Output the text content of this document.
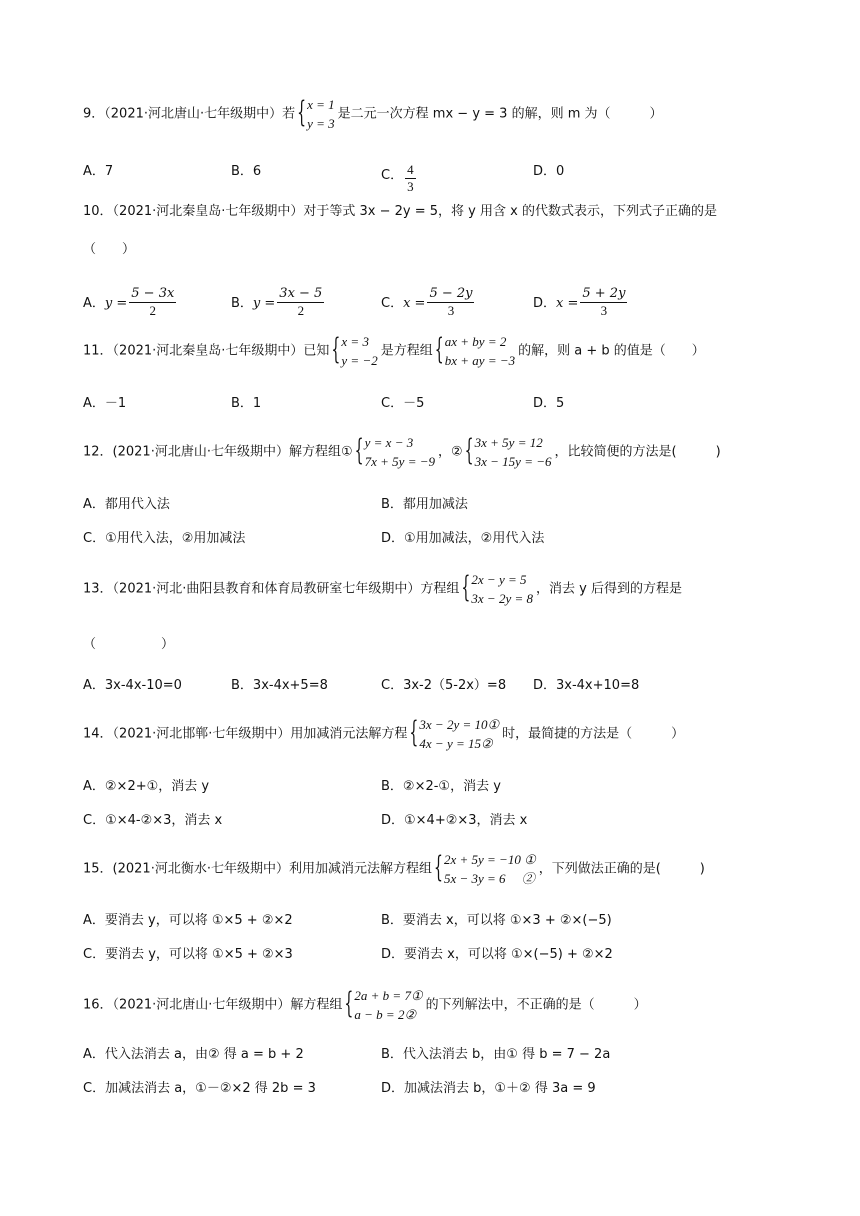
9．（2021·河北唐山·七年级期中）若
{ x = 1
y = 3
是二元一次方程 mx − y = 3 的解，则 m 为（　　　）
A．7	B．6	C． $\frac{4}{3}$	D．0
10．（2021·河北秦皇岛·七年级期中）对于等式 3x − 2y = 5，将 y 用含 x 的代数式表示，下列式子正确的是
（　　）
A．$y = \frac{5 - 3x}{2}$	B．$y = \frac{3x - 5}{2}$	C．$x = \frac{5 - 2y}{3}$	D．$x = \frac{5 + 2y}{3}$
11．（2021·河北秦皇岛·七年级期中）已知
{ x = 3
y = −2
是方程组
{ ax + by = 2
bx + ay = −3
的解，则 a + b 的值是（　　）
A．－1	B．1	C．－5	D．5
12．(2021·河北唐山·七年级期中）解方程组①
{ y = x − 3
7x + 5y = −9
，②
{ 3x + 5y = 12
3x − 15y = −6
，比较简便的方法是(　　　)
A．都用代入法	B．都用加减法
C．①用代入法，②用加减法	D．①用加减法，②用代入法
13．（2021·河北·曲阳县教育和体育局教研室七年级期中）方程组
{ 2x − y = 5
3x − 2y = 8
，消去 y 后得到的方程是
（　　　　　）
A．3x-4x-10=0	B．3x-4x+5=8	C．3x-2（5-2x）=8 D．3x-4x+10=8
14．（2021·河北邯郸·七年级期中）用加减消元法解方程
{ 3x − 2y = 10①
4x − y = 15②
时，最简捷的方法是（　　　）
A．②×2+①，消去 y	B．②×2-①，消去 y
C．①×4-②×3，消去 x	D．①×4+②×3，消去 x
15．(2021·河北衡水·七年级期中）利用加减消元法解方程组
{ 2x + 5y = −10 ①
5x − 3y = 6　 ②
，下列做法正确的是(　　　)
A．要消去 y，可以将 ①×5 + ②×2	B．要消去 x，可以将 ①×3 + ②×(−5)
C．要消去 y，可以将 ①×5 + ②×3	D．要消去 x，可以将 ①×(−5) + ②×2
16．（2021·河北唐山·七年级期中）解方程组
{ 2a + b = 7①
a − b = 2②
的下列解法中，不正确的是（　　　）
A．代入法消去 a，由② 得 a = b + 2	B．代入法消去 b，由① 得 b = 7 − 2a
C．加减法消去 a，①－②×2 得 2b = 3	D．加减法消去 b，①＋② 得 3a = 9
